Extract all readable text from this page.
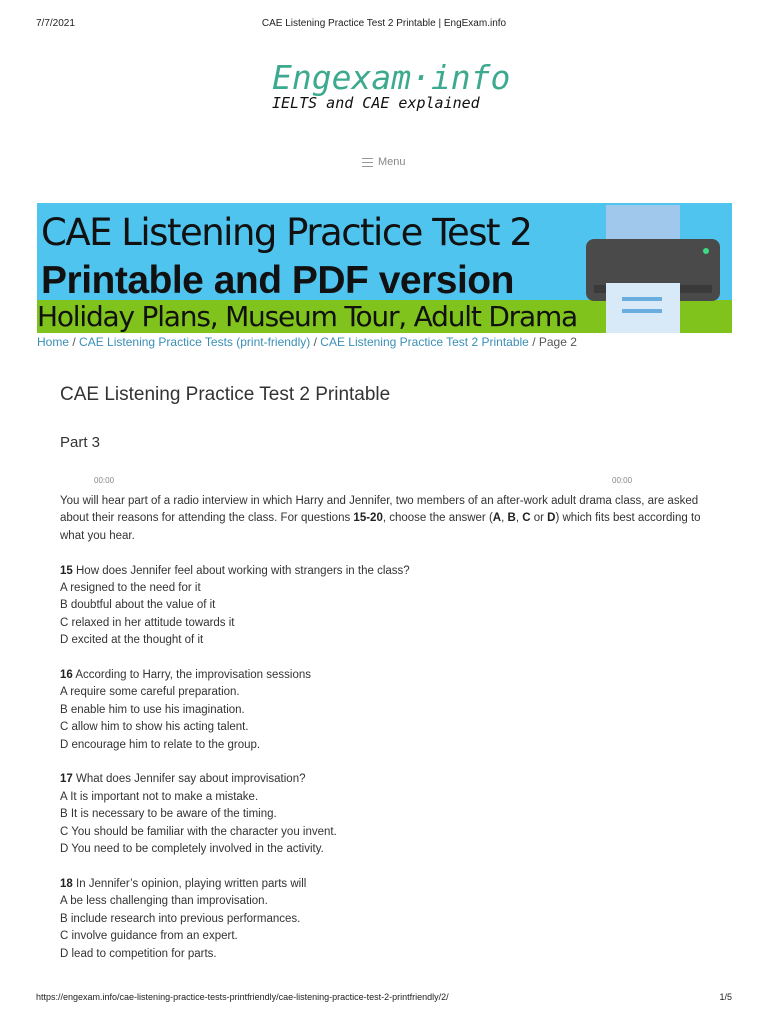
7/7/2021	CAE Listening Practice Test 2 Printable | EngExam.info
Engexam·info
IELTS and CAE explained
Menu
CAE Listening Practice Test 2
Printable and PDF version
Holiday Plans, Museum Tour, Adult Drama
Home / CAE Listening Practice Tests (print-friendly) / CAE Listening Practice Test 2 Printable / Page 2
CAE Listening Practice Test 2 Printable
Part 3
00:00	00:00

You will hear part of a radio interview in which Harry and Jennifer, two members of an after-work adult drama class, are asked about their reasons for attending the class. For questions 15-20, choose the answer (A, B, C or D) which fits best according to what you hear.

15 How does Jennifer feel about working with strangers in the class?
A resigned to the need for it
B doubtful about the value of it
C relaxed in her attitude towards it
D excited at the thought of it
16 According to Harry, the improvisation sessions
A require some careful preparation.
B enable him to use his imagination.
C allow him to show his acting talent.
D encourage him to relate to the group.
17 What does Jennifer say about improvisation?
A It is important not to make a mistake.
B It is necessary to be aware of the timing.
C You should be familiar with the character you invent.
D You need to be completely involved in the activity.
18 In Jennifer’s opinion, playing written parts will
A be less challenging than improvisation.
B include research into previous performances.
C involve guidance from an expert.
D lead to competition for parts.
https://engexam.info/cae-listening-practice-tests-printfriendly/cae-listening-practice-test-2-printfriendly/2/	1/5
